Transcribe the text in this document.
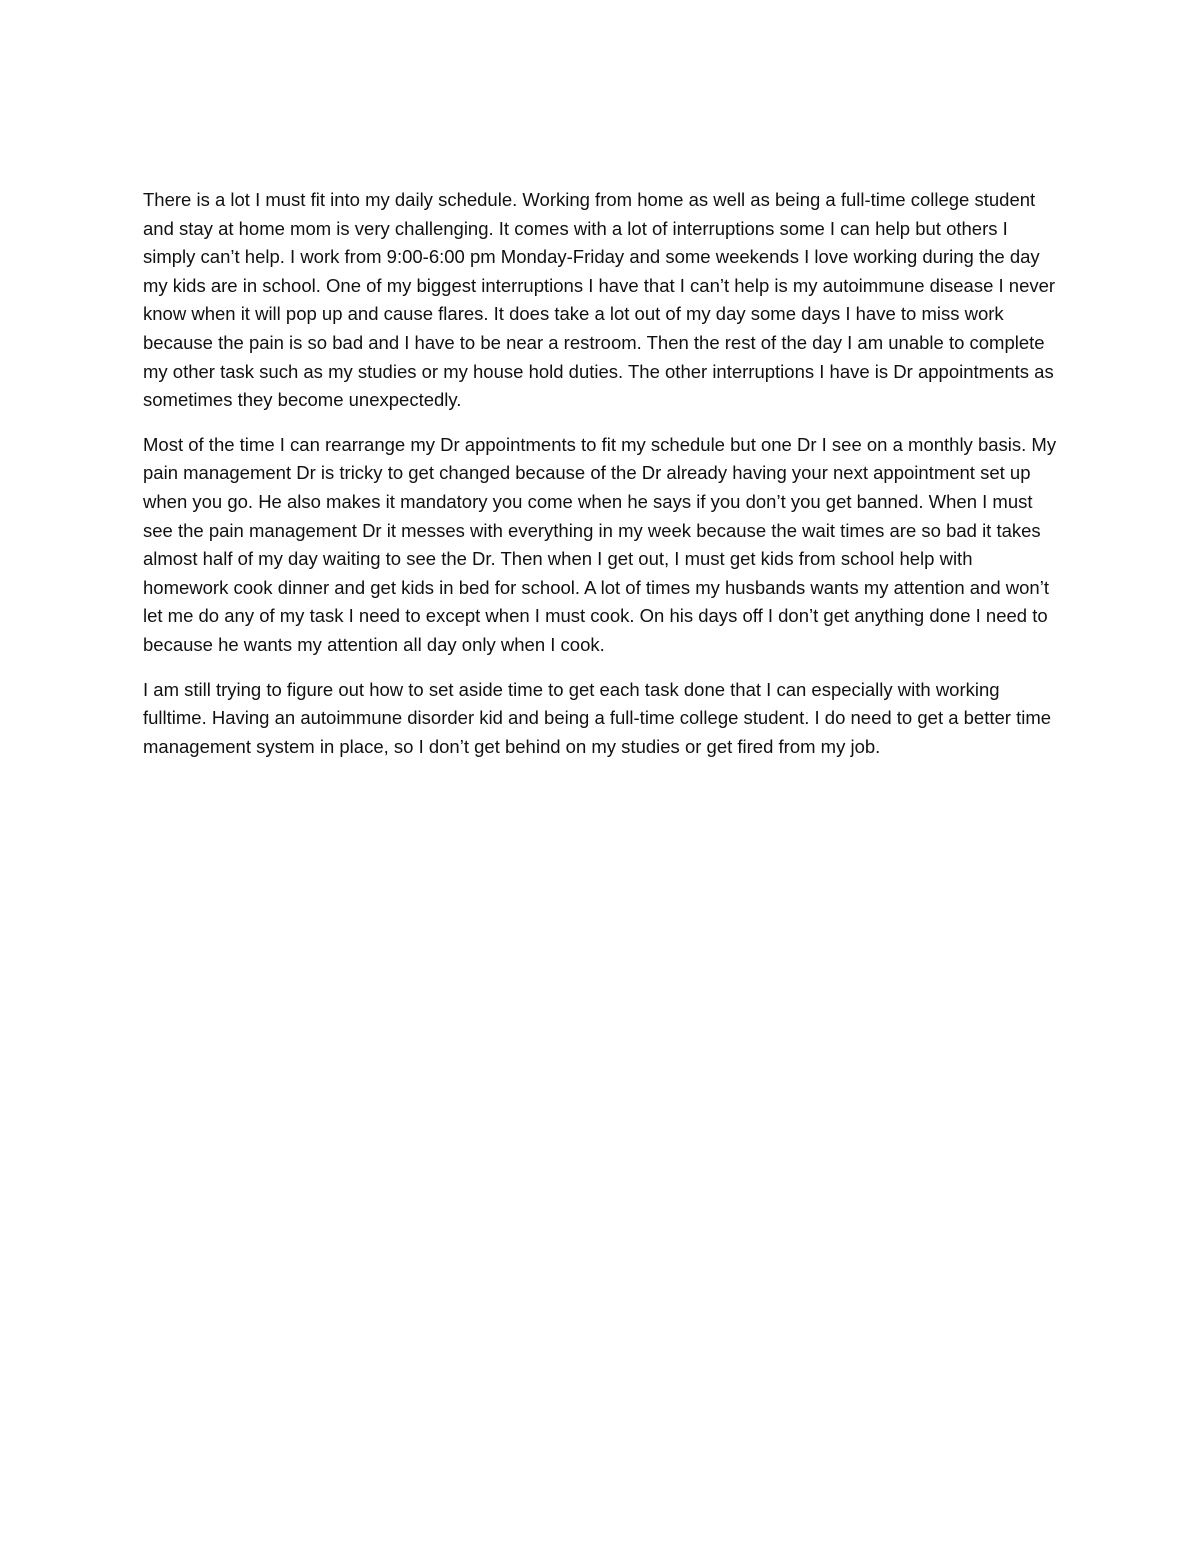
There is a lot I must fit into my daily schedule. Working from home as well as being a full-time college student and stay at home mom is very challenging. It comes with a lot of interruptions some I can help but others I simply can’t help. I work from 9:00-6:00 pm Monday-Friday and some weekends I love working during the day my kids are in school. One of my biggest interruptions I have that I can’t help is my autoimmune disease I never know when it will pop up and cause flares. It does take a lot out of my day some days I have to miss work because the pain is so bad and I have to be near a restroom. Then the rest of the day I am unable to complete my other task such as my studies or my house hold duties. The other interruptions I have is Dr appointments as sometimes they become unexpectedly.

Most of the time I can rearrange my Dr appointments to fit my schedule but one Dr I see on a monthly basis. My pain management Dr is tricky to get changed because of the Dr already having your next appointment set up when you go. He also makes it mandatory you come when he says if you don’t you get banned. When I must see the pain management Dr it messes with everything in my week because the wait times are so bad it takes almost half of my day waiting to see the Dr. Then when I get out, I must get kids from school help with homework cook dinner and get kids in bed for school. A lot of times my husbands wants my attention and won’t let me do any of my task I need to except when I must cook. On his days off I don’t get anything done I need to because he wants my attention all day only when I cook.

I am still trying to figure out how to set aside time to get each task done that I can especially with working fulltime. Having an autoimmune disorder kid and being a full-time college student. I do need to get a better time management system in place, so I don’t get behind on my studies or get fired from my job.
